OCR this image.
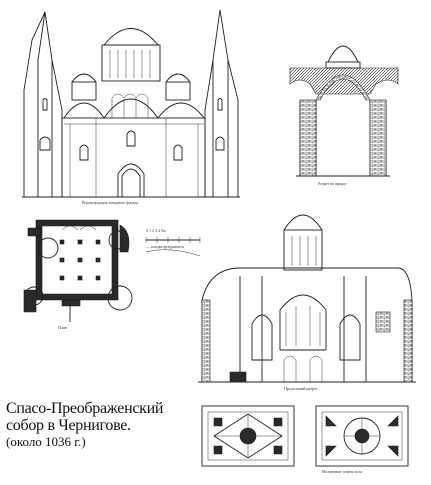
Реконструкция западного фасада
Разрез по аркаде
План
0 1 2 3 4 5м
— кладка фундамента
Продольный разрез
Мозаичные плиты пола
Спасо-Преображенский
собор в Чернигове.
(около 1036 г.)
